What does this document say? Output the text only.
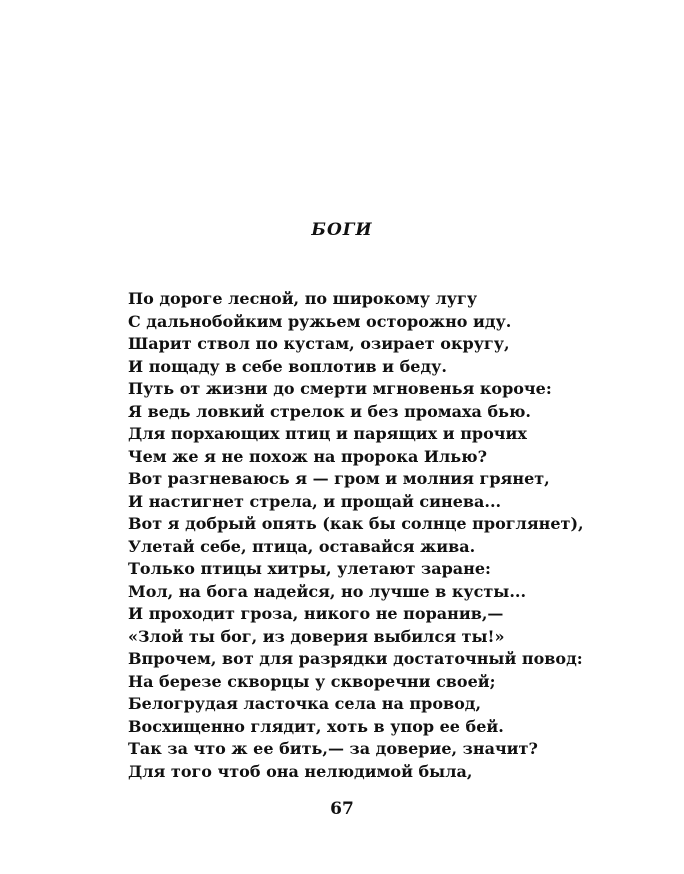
БОГИ
По дороге лесной, по широкому лугу
С дальнобойким ружьем осторожно иду.
Шарит ствол по кустам, озирает округу,
И пощаду в себе воплотив и беду.
Путь от жизни до смерти мгновенья короче:
Я ведь ловкий стрелок и без промаха бью.
Для порхающих птиц и парящих и прочих
Чем же я не похож на пророка Илью?
Вот разгневаюсь я — гром и молния грянет,
И настигнет стрела, и прощай синева...
Вот я добрый опять (как бы солнце проглянет),
Улетай себе, птица, оставайся жива.
Только птицы хитры, улетают заране:
Мол, на бога надейся, но лучше в кусты...
И проходит гроза, никого не поранив,—
«Злой ты бог, из доверия выбился ты!»
Впрочем, вот для разрядки достаточный повод:
На березе скворцы у скворечни своей;
Белогрудая ласточка села на провод,
Восхищенно глядит, хоть в упор ее бей.
Так за что ж ее бить,— за доверие, значит?
Для того чтоб она нелюдимой была,
67
